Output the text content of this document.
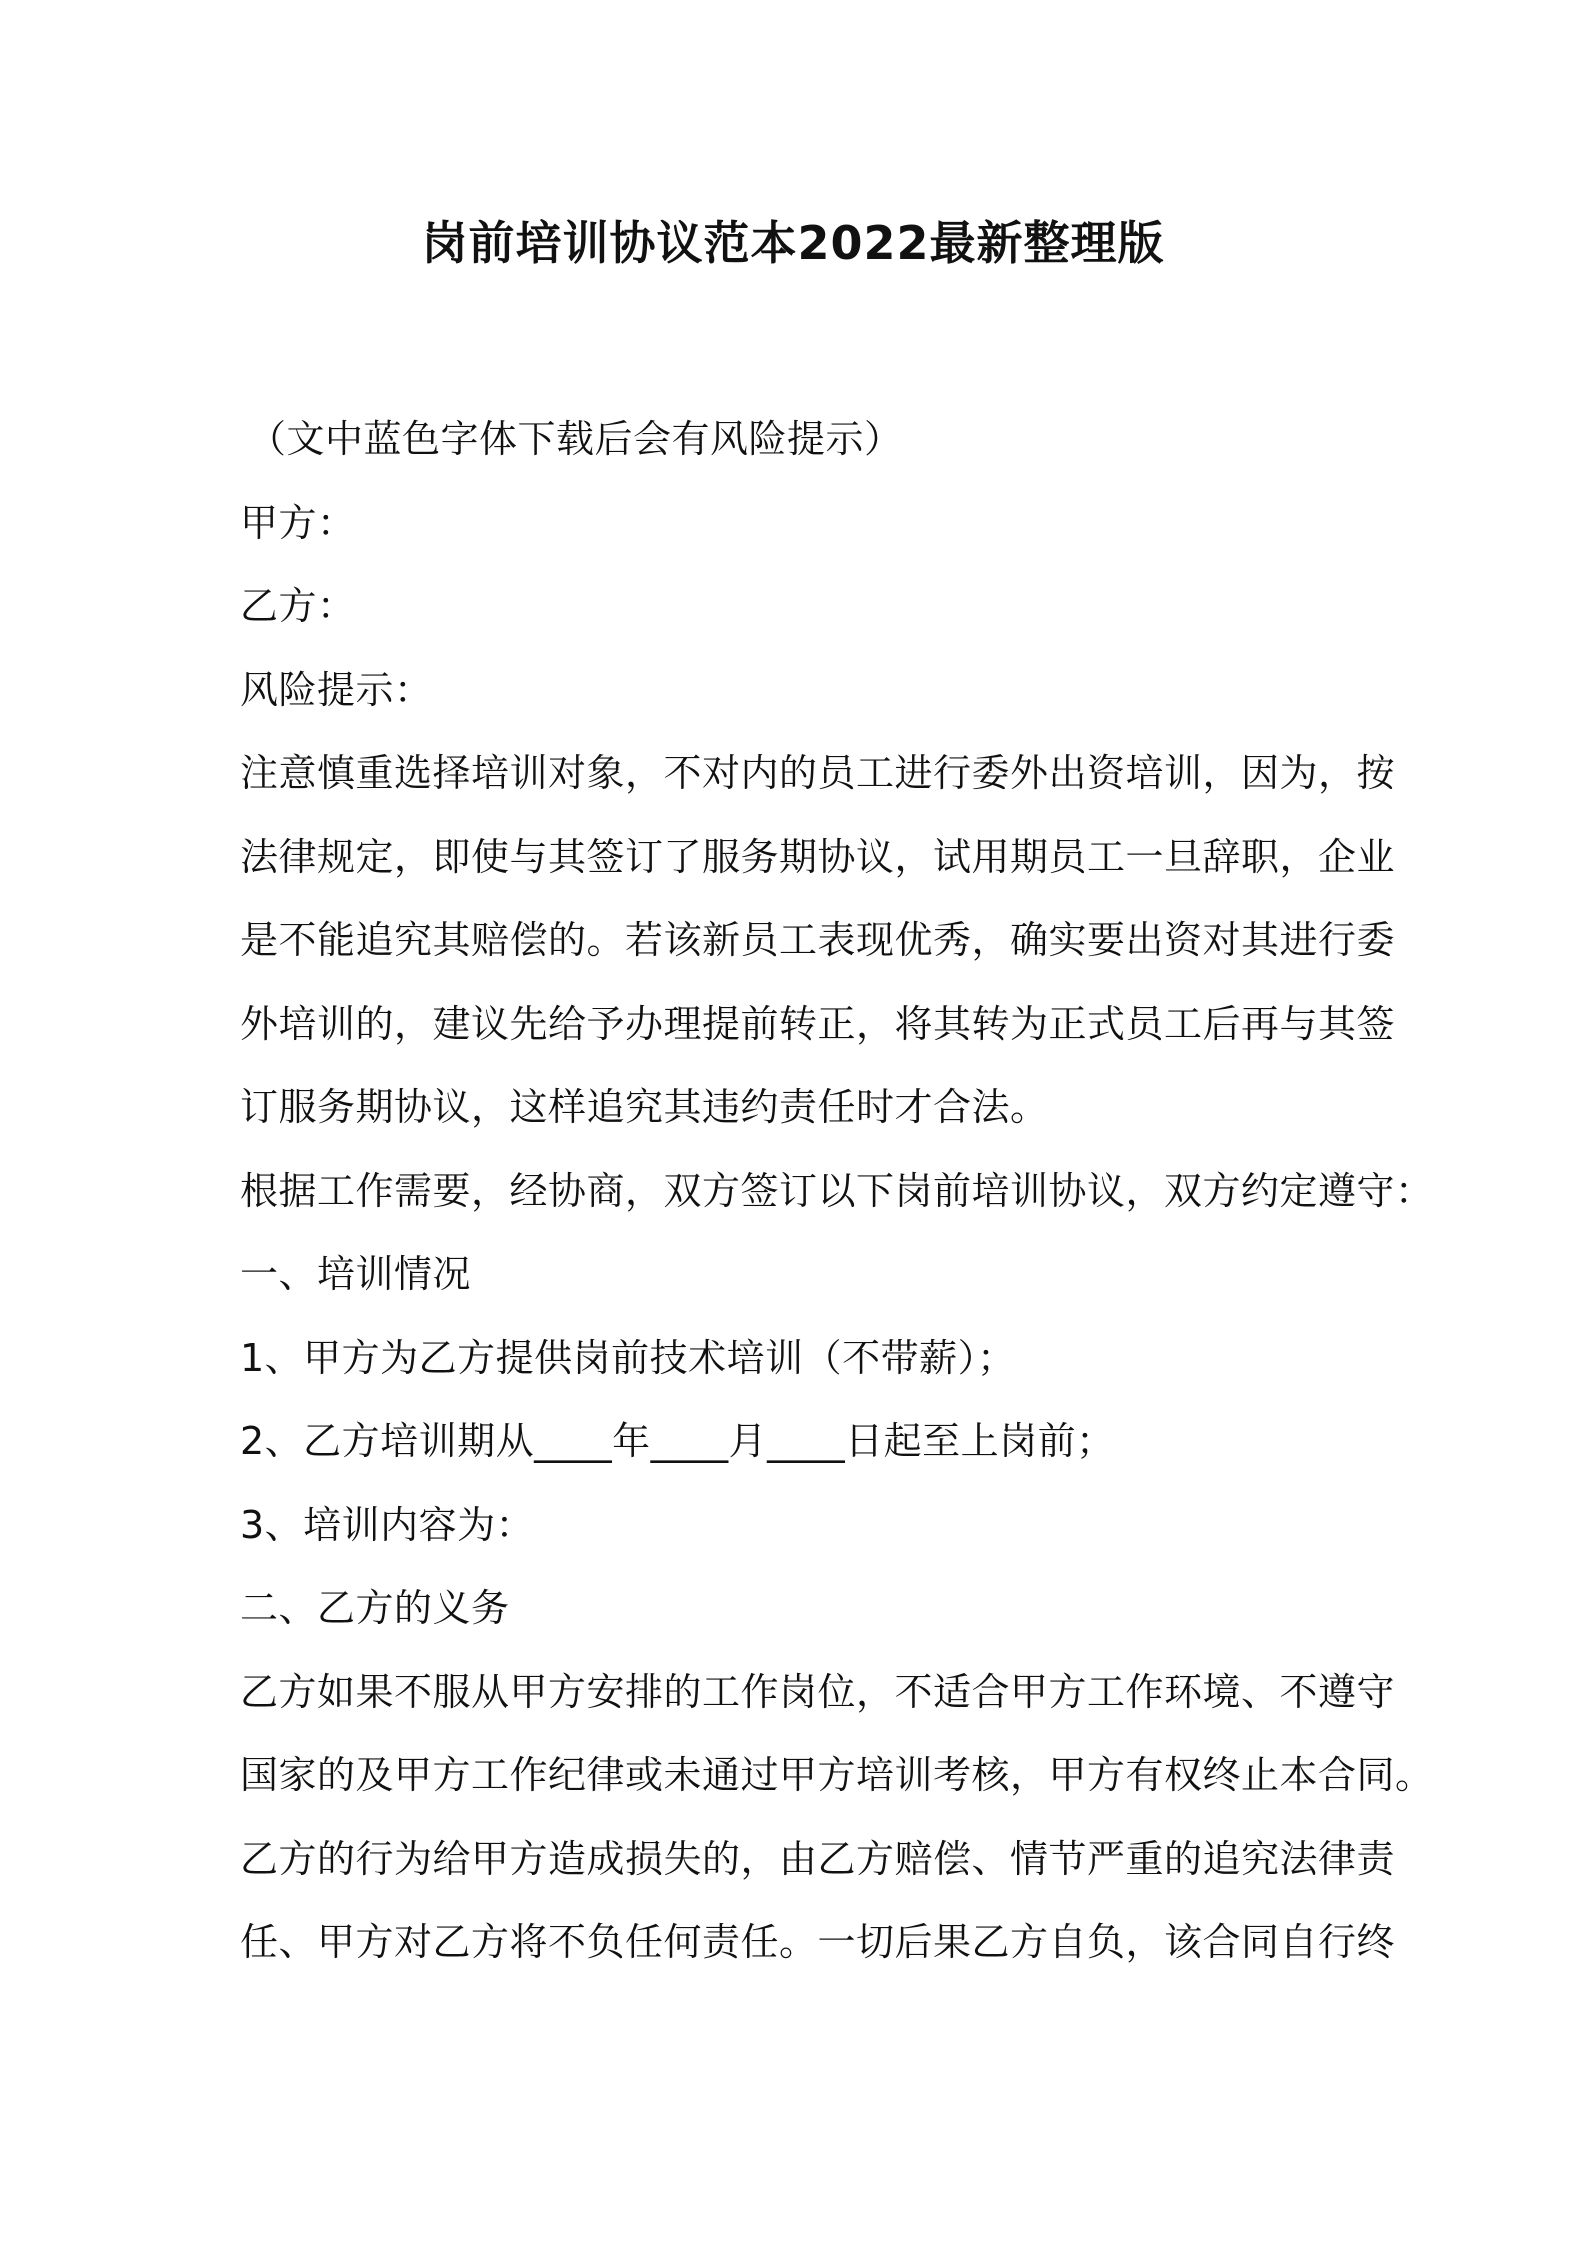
岗前培训协议范本2022最新整理版
（文中蓝色字体下载后会有风险提示）
甲方：
乙方：
风险提示：
注意慎重选择培训对象，不对内的员工进行委外出资培训，因为，按
法律规定，即使与其签订了服务期协议，试用期员工一旦辞职，企业
是不能追究其赔偿的。若该新员工表现优秀，确实要出资对其进行委
外培训的，建议先给予办理提前转正，将其转为正式员工后再与其签
订服务期协议，这样追究其违约责任时才合法。
根据工作需要，经协商，双方签订以下岗前培训协议，双方约定遵守：
一、培训情况
1、甲方为乙方提供岗前技术培训（不带薪）；
2、乙方培训期从____年____月____日起至上岗前；
3、培训内容为：
二、乙方的义务
乙方如果不服从甲方安排的工作岗位，不适合甲方工作环境、不遵守
国家的及甲方工作纪律或未通过甲方培训考核，甲方有权终止本合同。
乙方的行为给甲方造成损失的，由乙方赔偿、情节严重的追究法律责
任、甲方对乙方将不负任何责任。一切后果乙方自负，该合同自行终
